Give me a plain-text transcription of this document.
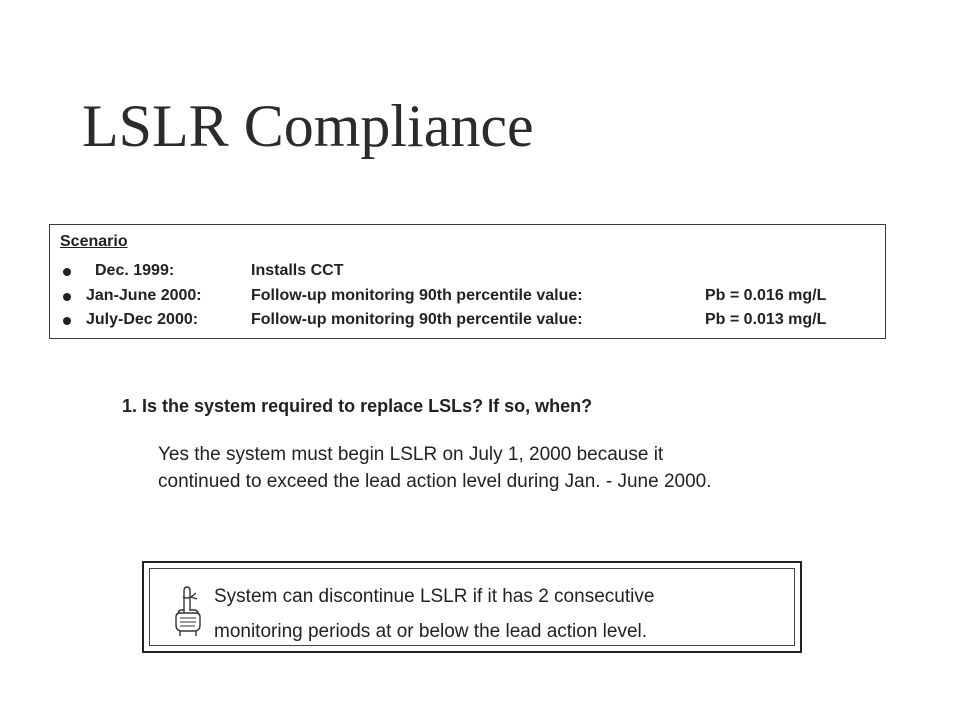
LSLR Compliance
Scenario
Dec. 1999:	Installs CCT
Jan-June 2000:	Follow-up monitoring 90th percentile value:	Pb = 0.016 mg/L
July-Dec 2000:	Follow-up monitoring 90th percentile value:	Pb = 0.013 mg/L
1. Is the system required to replace LSLs? If so, when?
Yes the system must begin LSLR on July 1, 2000 because it
continued to exceed the lead action level during Jan. - June 2000.
System can discontinue LSLR if it has 2 consecutive
monitoring periods at or below the lead action level.
